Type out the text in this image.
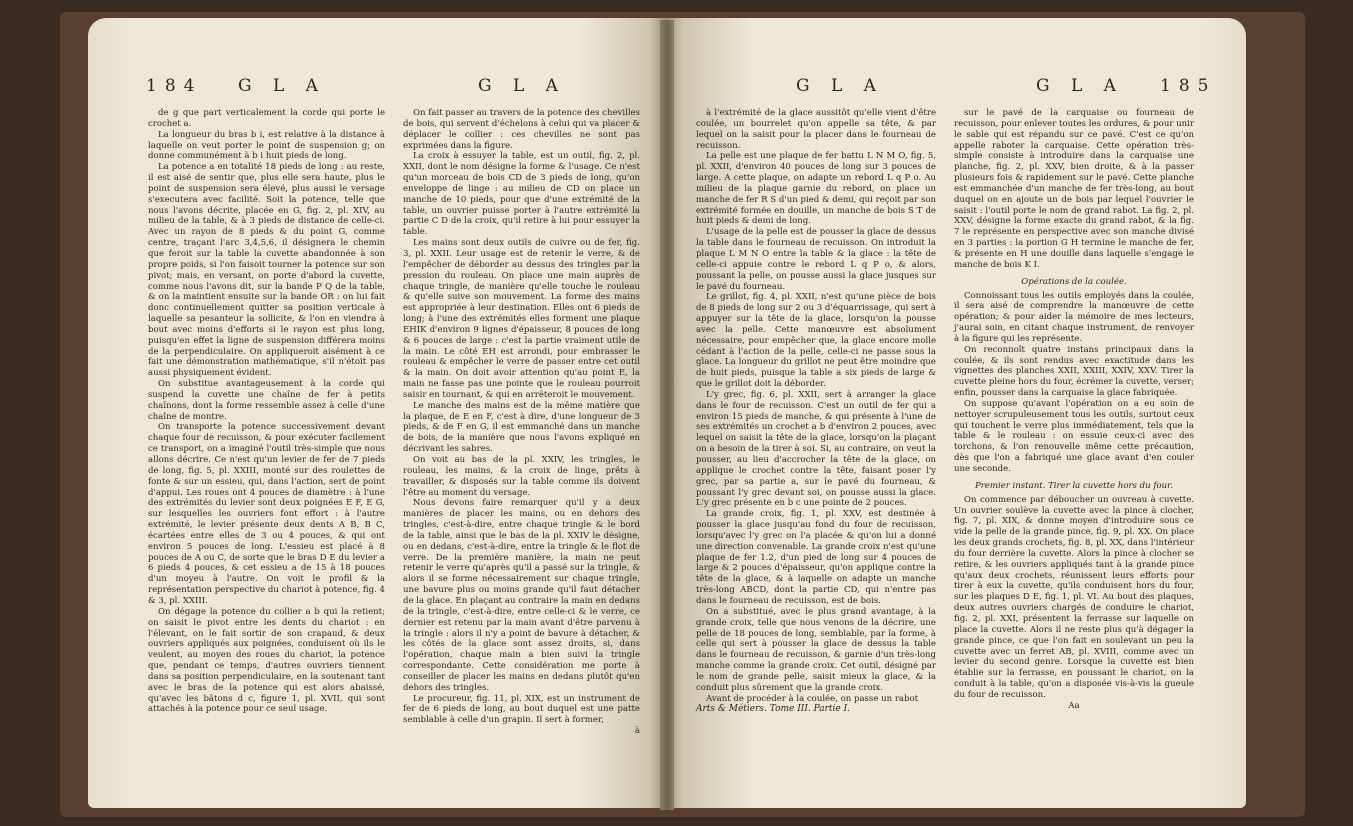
184 G L A	G L A

de g que part verticalement la corde qui porte le crochet a.

La longueur du bras b i, est relative à la distance à laquelle on veut porter le point de suspension g; on donne communément à b i huit pieds de long.

La potence a en totalité 18 pieds de long : au reste, il est aisé de sentir que, plus elle sera haute, plus le point de suspension sera élevé, plus aussi le versage s'executera avec facilité. Soit la potence, telle que nous l'avons décrite, placée en G, fig. 2, pl. XIV, au milieu de la table, & à 3 pieds de distance de celle-ci. Avec un rayon de 8 pieds & du point G, comme centre, traçant l'arc 3,4,5,6, il désignera le chemin que feroit sur la table la cuvette abandonnée à son propre poids, si l'on faisoit tourner la potence sur son pivot; mais, en versant, on porte d'abord la cuvette, comme nous l'avons dit, sur la bande P Q de la table, & on la maintient ensuite sur la bande OR : on lui fait donc continuellement quitter sa position verticale à laquelle sa pesanteur la sollicite, & l'on en viendra à bout avec moins d'efforts si le rayon est plus long, puisqu'en effet la ligne de suspension différera moins de la perpendiculaire. On appliqueroit aisément à ce fait une démonstration mathématique, s'il n'étoit pas aussi physiquement évident.

On substitue avantageusement à la corde qui suspend la cuvette une chaîne de fer à petits chaînons, dont la forme ressemble assez à celle d'une chaîne de montre.

On transporte la potence successivement devant chaque four de recuisson, & pour exécuter facilement ce transport, on a imaginé l'outil très-simple que nous allons décrire. Ce n'est qu'un levier de fer de 7 pieds de long, fig. 5, pl. XXIII, monté sur des roulettes de fonte & sur un essieu, qui, dans l'action, sert de point d'appui. Les roues ont 4 pouces de diamètre : à l'une des extrémités du levier sont deux poignées E F, E G, sur lesquelles les ouvriers font effort : à l'autre extrémité, le levier présente deux dents A B, B C, écartées entre elles de 3 ou 4 pouces, & qui ont environ 5 pouces de long. L'essieu est placé à 8 pouces de A ou C, de sorte que le bras D E du levier a 6 pieds 4 pouces, & cet essieu a de 15 à 18 pouces d'un moyeu à l'autre. On voit le profil & la représentation perspective du chariot à potence, fig. 4 & 3, pl. XXIII.

On dégage la potence du collier a b qui la retient; on saisit le pivot entre les dents du chariot : en l'élevant, on le fait sortir de son crapaud, & deux ouvriers appliqués aux poignées, conduisent où ils le veulent, au moyen des roues du chariot, la potence que, pendant ce temps, d'autres ouvriers tiennent dans sa position perpendiculaire, en la soutenant tant avec le bras de la potence qui est alors abaissé, qu'avec les bâtons d c, figure 1, pl. XVII, qui sont attachés à la potence pour ce seul usage.

On fait passer au travers de la potence des chevilles de bois, qui servent d'échelons à celui qui va placer & déplacer le collier : ces chevilles ne sont pas exprimées dans la figure.

La croix à essuyer la table, est un outil, fig. 2, pl. XXII, dont le nom désigne la forme & l'usage. Ce n'est qu'un morceau de bois CD de 3 pieds de long, qu'on enveloppe de linge : au milieu de CD on place un manche de 10 pieds, pour que d'une extrémité de la table, un ouvrier puisse porter à l'autre extrémité la partie C D de la croix, qu'il retire à lui pour essuyer la table.

Les mains sont deux outils de cuivre ou de fer, fig. 3, pl. XXII. Leur usage est de retenir le verre, & de l'empêcher de déborder au dessus des tringles par la pression du rouleau. On place une main auprès de chaque tringle, de manière qu'elle touche le rouleau & qu'elle suive son mouvement. La forme des mains est appropriée à leur destination. Elles ont 6 pieds de long; à l'une des extrémités elles forment une plaque EHIK d'environ 9 lignes d'épaisseur, 8 pouces de long & 6 pouces de large : c'est la partie vraiment utile de la main. Le côté EH est arrondi, pour embrasser le rouleau & empêcher le verre de passer entre cet outil & la main. On doit avoir attention qu'au point E, la main ne fasse pas une pointe que le rouleau pourroit saisir en tournant, & qui en arrêteroit le mouvement.

Le manche des mains est de la même matière que la plaque, de E en F, c'est à dire, d'une longueur de 3 pieds, & de F en G, il est emmanché dans un manche de bois, de la manière que nous l'avons expliqué en décrivant les sabres.

On voit au bas de la pl. XXIV, les tringles, le rouleau, les mains, & la croix de linge, prêts à travailler, & disposés sur la table comme ils doivent l'être au moment du versage.

Nous devons faire remarquer qu'il y a deux manières de placer les mains, ou en dehors des tringles, c'est-à-dire, entre chaque tringle & le bord de la table, ainsi que le bas de la pl. XXIV le désigne, ou en dedans, c'est-à-dire, entre la tringle & le flot de verre. De la première manière, la main ne peut retenir le verre qu'après qu'il a passé sur la tringle, & alors il se forme nécessairement sur chaque tringle, une bavure plus ou moins grande qu'il faut détacher de la glace. En plaçant au contraire la main en dedans de la tringle, c'est-à-dire, entre celle-ci & le verre, ce dernier est retenu par la main avant d'être parvenu à la tringle : alors il n'y a point de bavure à détacher, & les côtés de la glace sont assez droits, si, dans l'opération, chaque main a bien suivi la tringle correspondante. Cette considération me porte à conseiller de placer les mains en dedans plutôt qu'en dehors des tringles.

Le procureur, fig. 11, pl. XIX, est un instrument de fer de 6 pieds de long, au bout duquel est une patte semblable à celle d'un grapin. Il sert à former,

à

G L A	G L A 185

à l'extrémité de la glace aussitôt qu'elle vient d'être coulée, un bourrelet qu'on appelle sa tête, & par lequel on la saisit pour la placer dans le fourneau de recuisson.

La pelle est une plaque de fer battu L N M O, fig. 5, pl. XXII, d'environ 40 pouces de long sur 3 pouces de large. A cette plaque, on adapte un rebord L q P o. Au milieu de la plaque garnie du rebord, on place un manche de fer R S d'un pied & demi, qui reçoit par son extrémité formée en douille, un manche de bois S T de huit pieds & demi de long.

L'usage de la pelle est de pousser la glace de dessus la table dans le fourneau de recuisson. On introduit la plaque L M N O entre la table & la glace : la tête de celle-ci appuie contre le rebord L q P o, & alors, poussant la pelle, on pousse aussi la glace jusques sur le pavé du fourneau.

Le grillot, fig. 4, pl. XXII, n'est qu'une pièce de bois de 8 pieds de long sur 2 ou 3 d'équarrissage, qui sert à appuyer sur la tête de la glace, lorsqu'on la pousse avec la pelle. Cette manœuvre est absolument nécessaire, pour empêcher que, la glace encore molle cédant à l'action de la pelle, celle-ci ne passe sous la glace. La longueur du grillot ne peut être moindre que de huit pieds, puisque la table a six pieds de large & que le grillot doit la déborder.

L'y grec, fig. 6, pl. XXII, sert à arranger la glace dans le four de recuisson. C'est un outil de fer qui a environ 15 pieds de manche, & qui présente à l'une de ses extrémités un crochet a b d'environ 2 pouces, avec lequel on saisit la tête de la glace, lorsqu'on la plaçant on a besoin de la tirer à soi. Si, au contraire, on veut la pousser, au lieu d'accrocher la tête de la glace, on applique le crochet contre la tête, faisant poser l'y grec, par sa partie a, sur le pavé du fourneau, & poussant l'y grec devant soi, on pousse aussi la glace. L'y grec présente en b c une pointe de 2 pouces.

La grande croix, fig. 1, pl. XXV, est destinée à pousser la glace jusqu'au fond du four de recuisson, lorsqu'avec l'y grec on l'a placée & qu'on lui a donné une direction convenable. La grande croix n'est qu'une plaque de fer 1.2, d'un pied de long sur 4 pouces de large & 2 pouces d'épaisseur, qu'on applique contre la tête de la glace, & à laquelle on adapte un manche très-long ABCD, dont la partie CD, qui n'entre pas dans le fourneau de recuisson, est de bois.

On a substitué, avec le plus grand avantage, à la grande croix, telle que nous venons de la décrire, une pelle de 18 pouces de long, semblable, par la forme, à celle qui sert à pousser la glace de dessus la table dans le fourneau de recuisson, & garnie d'un très-long manche comme la grande croix. Cet outil, désigné par le nom de grande pelle, saisit mieux la glace, & la conduit plus sûrement que la grande croix.

Avant de procéder à la coulée, on passe un rabot

Arts & Métiers. Tome III. Partie I.

sur le pavé de la carquaise ou fourneau de recuisson, pour enlever toutes les ordures, & pour unir le sable qui est répandu sur ce pavé. C'est ce qu'on appelle raboter la carquaise. Cette opération très-simple consiste à introduire dans la carquaise une planche, fig. 2, pl. XXV, bien droite, & à la passer plusieurs fois & rapidement sur le pavé. Cette planche est emmanchée d'un manche de fer très-long, au bout duquel on en ajoute un de bois par lequel l'ouvrier le saisit : l'outil porte le nom de grand rabot. La fig. 2, pl. XXV, désigne la forme exacte du grand rabot, & la fig. 7 le représente en perspective avec son manche divisé en 3 parties : la portion G H termine le manche de fer, & présente en H une douille dans laquelle s'engage le manche de bois K I.

Opérations de la coulée.

Connoissant tous les outils employés dans la coulée, il sera aisé de comprendre la manœuvre de cette opération; & pour aider la mémoire de mes lecteurs, j'aurai soin, en citant chaque instrument, de renvoyer à la figure qui les représente.

On reconnoît quatre instans principaux dans la coulée, & ils sont rendus avec exactitude dans les vignettes des planches XXII, XXIII, XXIV, XXV. Tirer la cuvette pleine hors du four, écrémer la cuvette, verser; enfin, pousser dans la carquaise la glace fabriquée.

On suppose qu'avant l'opération on a eu soin de nettoyer scrupuleusement tous les outils, surtout ceux qui touchent le verre plus immédiatement, tels que la table & le rouleau : on essuie ceux-ci avec des torchons, & l'on renouvelle même cette précaution, dès que l'on a fabriqué une glace avant d'en couler une seconde.

Premier instant. Tirer la cuvette hors du four.

On commence par déboucher un ouvreau à cuvette. Un ouvrier soulève la cuvette avec la pince à clocher, fig. 7, pl. XIX, & donne moyen d'introduire sous ce vide la pelle de la grande pince, fig. 9, pl. XX. On place les deux grands crochets, fig. 8, pl. XX, dans l'intérieur du four derrière la cuvette. Alors la pince à clocher se retire, & les ouvriers appliqués tant à la grande pince qu'aux deux crochets, réunissent leurs efforts pour tirer à eux la cuvette, qu'ils conduisent hors du four, sur les plaques D E, fig. 1, pl. VI. Au bout des plaques, deux autres ouvriers chargés de conduire le chariot, fig. 2, pl. XXI, présentent la ferrasse sur laquelle on place la cuvette. Alors il ne reste plus qu'à dégager la grande pince, ce que l'on fait en soulevant un peu la cuvette avec un ferret AB, pl. XVIII, comme avec un levier du second genre. Lorsque la cuvette est bien établie sur la ferrasse, en poussant le chariot, on la conduit à la table, qu'on a disposée vis-à-vis la gueule du four de recuisson.

Aa
